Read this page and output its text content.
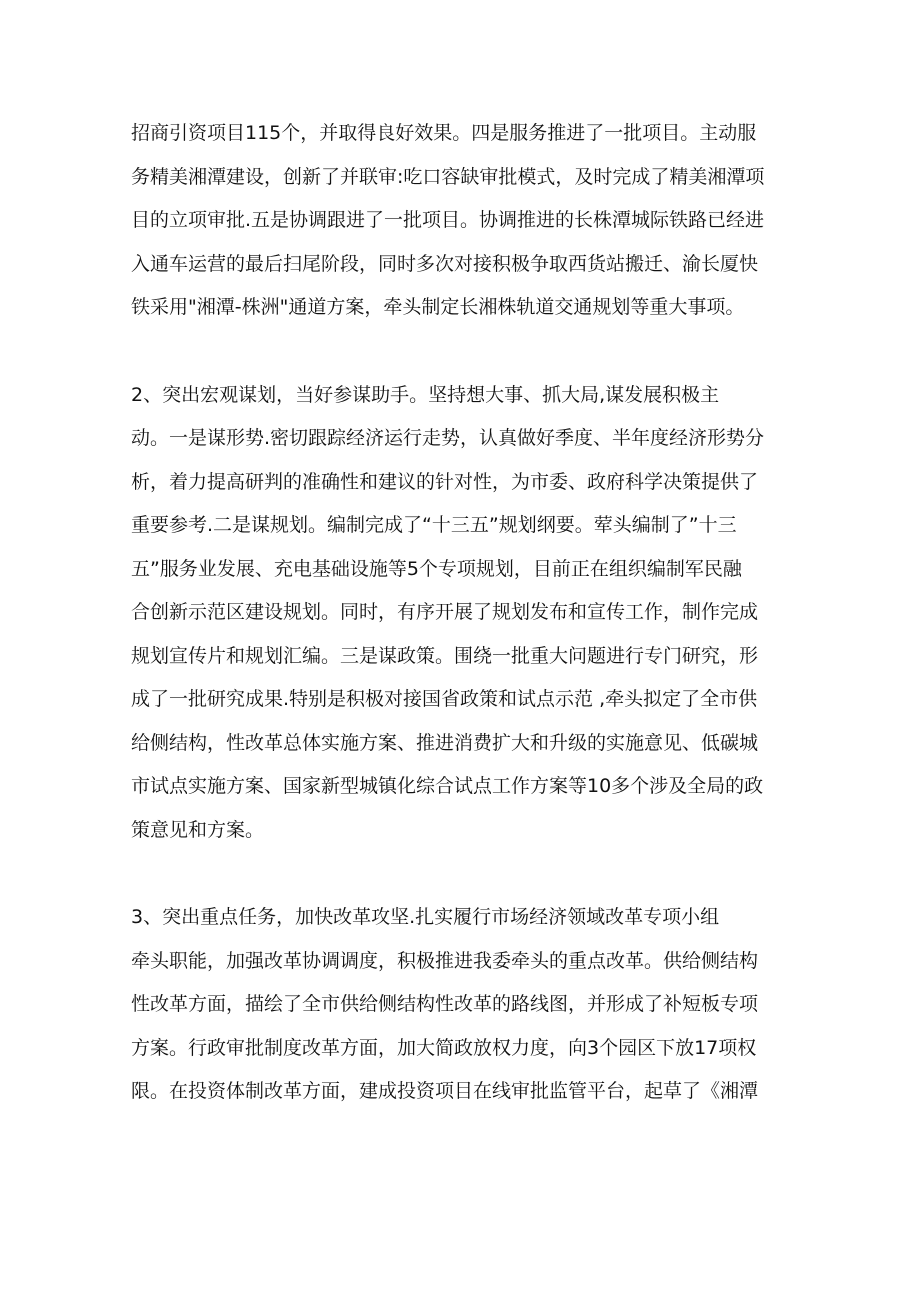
招商引资项目115个，并取得良好效果。四是服务推进了一批项目。主动服
务精美湘潭建设，创新了并联审:吃口容缺审批模式，及时完成了精美湘潭项
目的立项审批.五是协调跟进了一批项目。协调推进的长株潭城际铁路已经进
入通车运营的最后扫尾阶段，同时多次对接积极争取西货站搬迁、渝长厦快
铁采用"湘潭-株洲"通道方案，牵头制定长湘株轨道交通规划等重大事项。
2、突出宏观谋划，当好参谋助手。坚持想大事、抓大局,谋发展积极主
动。一是谋形势.密切跟踪经济运行走势，认真做好季度、半年度经济形势分
析，着力提高研判的准确性和建议的针对性，为市委、政府科学决策提供了
重要参考.二是谋规划。编制完成了“十三五”规划纲要。荤头编制了”十三
五”服务业发展、充电基础设施等5个专项规划，目前正在组织编制军民融
合创新示范区建设规划。同时，有序开展了规划发布和宣传工作，制作完成
规划宣传片和规划汇编。三是谋政策。围绕一批重大问题进行专门研究，形
成了一批研究成果.特别是积极对接国省政策和试点示范 ,牵头拟定了全市供
给侧结构，性改革总体实施方案、推进消费扩大和升级的实施意见、低碳城
市试点实施方案、国家新型城镇化综合试点工作方案等10多个涉及全局的政
策意见和方案。
3、突出重点任务，加快改革攻坚.扎实履行市场经济领域改革专项小组
牵头职能，加强改革协调调度，积极推进我委牵头的重点改革。供给侧结构
性改革方面，描绘了全市供给侧结构性改革的路线图，并形成了补短板专项
方案。行政审批制度改革方面，加大简政放权力度，向3个园区下放17项权
限。在投资体制改革方面，建成投资项目在线审批监管平台，起草了《湘潭
